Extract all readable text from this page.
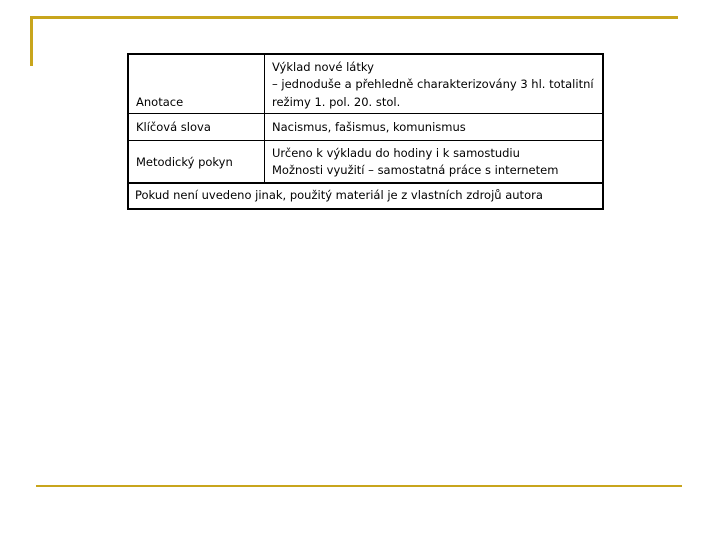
Anotace	Výklad nové látky
– jednoduše a přehledně charakterizovány 3 hl. totalitní
režimy 1. pol. 20. stol.

Klíčová slova	Nacismus, fašismus, komunismus

Metodický pokyn	Určeno k výkladu do hodiny i k samostudiu
Možnosti využití – samostatná práce s internetem

Pokud není uvedeno jinak, použitý materiál je z vlastních zdrojů autora	
